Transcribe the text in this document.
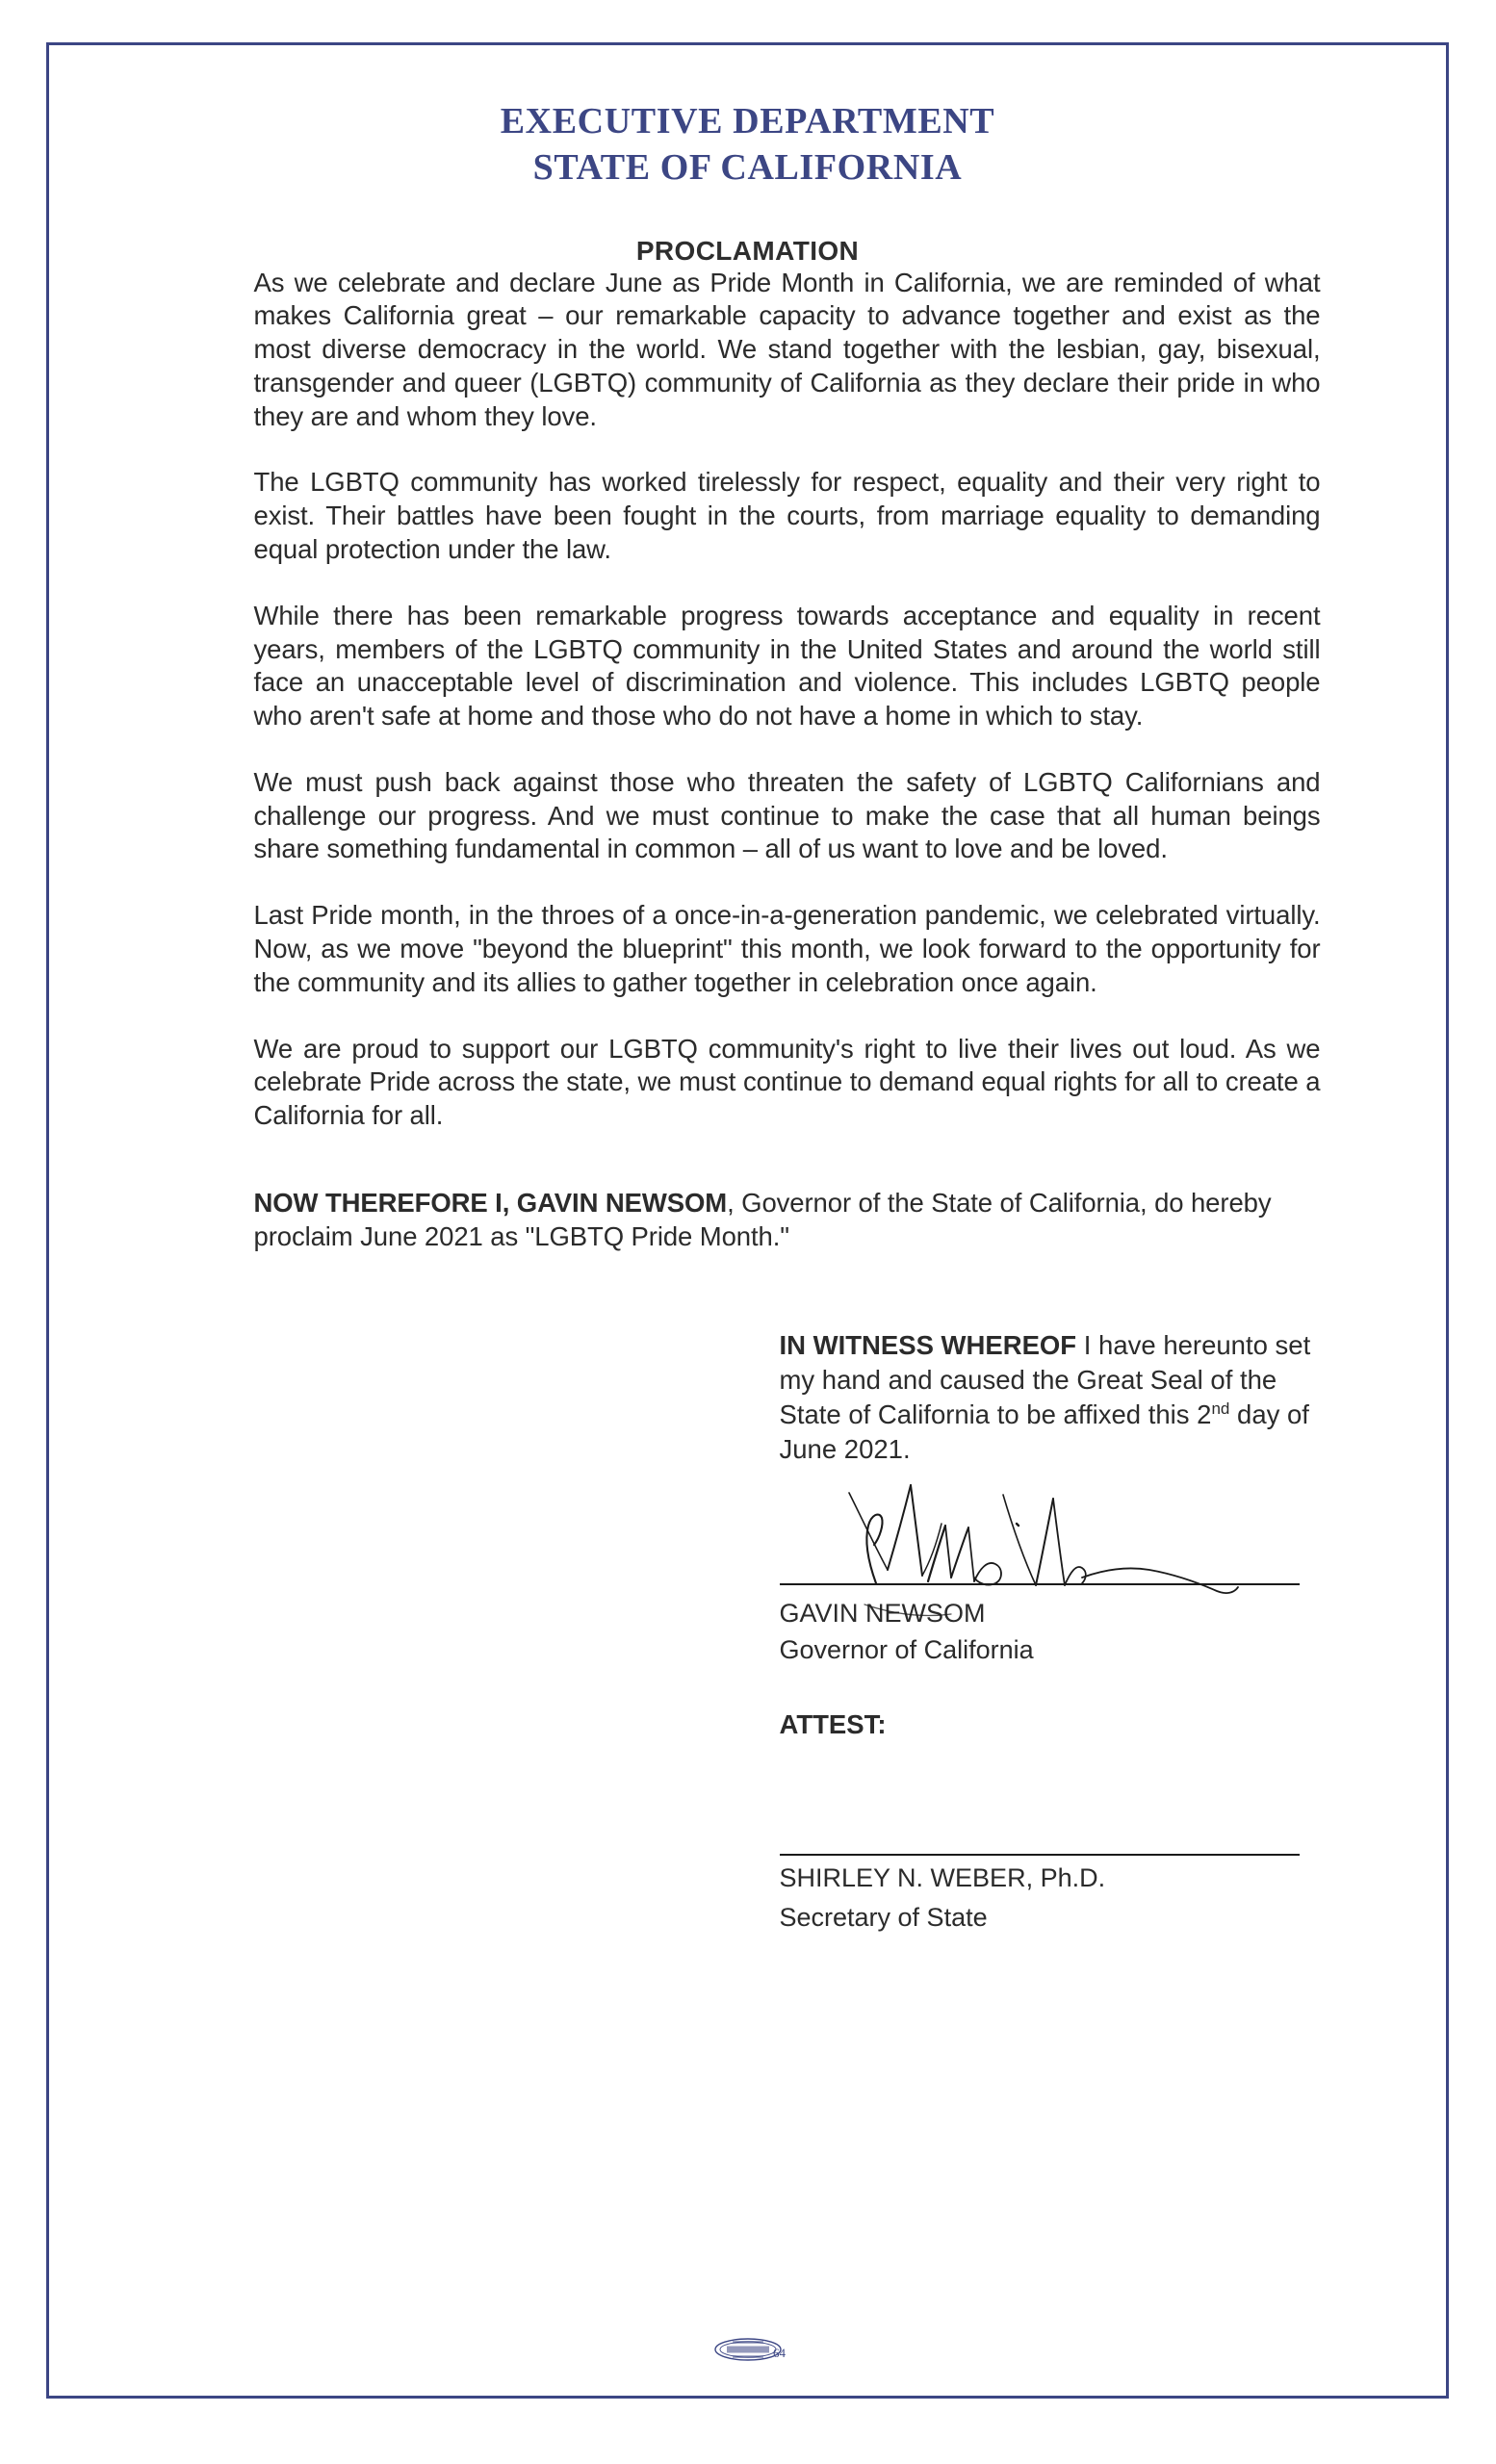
EXECUTIVE DEPARTMENT
STATE OF CALIFORNIA
PROCLAMATION

As we celebrate and declare June as Pride Month in California, we are reminded of what makes California great – our remarkable capacity to advance together and exist as the most diverse democracy in the world. We stand together with the lesbian, gay, bisexual, transgender and queer (LGBTQ) community of California as they declare their pride in who they are and whom they love.

The LGBTQ community has worked tirelessly for respect, equality and their very right to exist. Their battles have been fought in the courts, from marriage equality to demanding equal protection under the law.

While there has been remarkable progress towards acceptance and equality in recent years, members of the LGBTQ community in the United States and around the world still face an unacceptable level of discrimination and violence. This includes LGBTQ people who aren't safe at home and those who do not have a home in which to stay.

We must push back against those who threaten the safety of LGBTQ Californians and challenge our progress. And we must continue to make the case that all human beings share something fundamental in common – all of us want to love and be loved.

Last Pride month, in the throes of a once-in-a-generation pandemic, we celebrated virtually. Now, as we move "beyond the blueprint" this month, we look forward to the opportunity for the community and its allies to gather together in celebration once again.

We are proud to support our LGBTQ community's right to live their lives out loud. As we celebrate Pride across the state, we must continue to demand equal rights for all to create a California for all.

NOW THEREFORE I, GAVIN NEWSOM, Governor of the State of California, do hereby proclaim June 2021 as "LGBTQ Pride Month."

IN WITNESS WHEREOF I have hereunto set my hand and caused the Great Seal of the State of California to be affixed this 2nd day of June 2021.
GAVIN NEWSOM
Governor of California
ATTEST:
SHIRLEY N. WEBER, Ph.D.
Secretary of State
64
